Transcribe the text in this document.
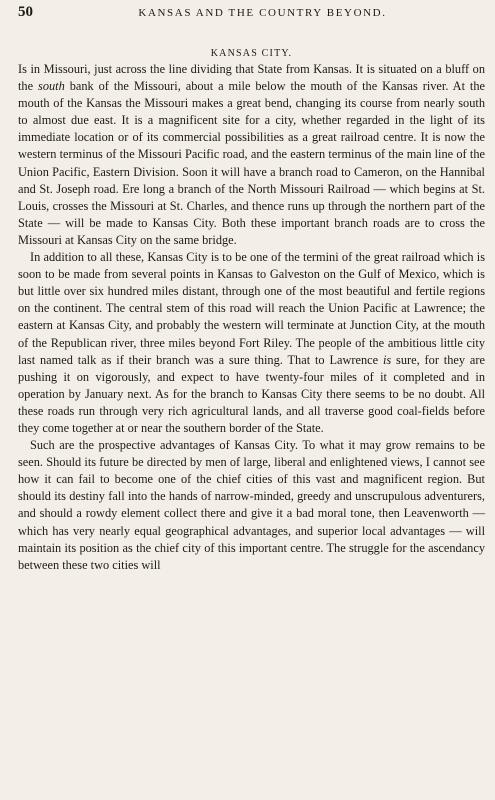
50	KANSAS AND THE COUNTRY BEYOND.
KANSAS CITY.

Is in Missouri, just across the line dividing that State from Kansas. It is situated on a bluff on the south bank of the Missouri, about a mile below the mouth of the Kansas river. At the mouth of the Kansas the Missouri makes a great bend, changing its course from nearly south to almost due east. It is a magnificent site for a city, whether regarded in the light of its immediate location or of its commercial possibilities as a great railroad centre. It is now the western terminus of the Missouri Pacific road, and the eastern terminus of the main line of the Union Pacific, Eastern Division. Soon it will have a branch road to Cameron, on the Hannibal and St. Joseph road. Ere long a branch of the North Missouri Railroad — which begins at St. Louis, crosses the Missouri at St. Charles, and thence runs up through the northern part of the State — will be made to Kansas City. Both these important branch roads are to cross the Missouri at Kansas City on the same bridge.

In addition to all these, Kansas City is to be one of the termini of the great railroad which is soon to be made from several points in Kansas to Galveston on the Gulf of Mexico, which is but little over six hundred miles distant, through one of the most beautiful and fertile regions on the continent. The central stem of this road will reach the Union Pacific at Lawrence; the eastern at Kansas City, and probably the western will terminate at Junction City, at the mouth of the Republican river, three miles beyond Fort Riley. The people of the ambitious little city last named talk as if their branch was a sure thing. That to Lawrence is sure, for they are pushing it on vigorously, and expect to have twenty-four miles of it completed and in operation by January next. As for the branch to Kansas City there seems to be no doubt. All these roads run through very rich agricultural lands, and all traverse good coal-fields before they come together at or near the southern border of the State.

Such are the prospective advantages of Kansas City. To what it may grow remains to be seen. Should its future be directed by men of large, liberal and enlightened views, I cannot see how it can fail to become one of the chief cities of this vast and magnificent region. But should its destiny fall into the hands of narrow-minded, greedy and unscrupulous adventurers, and should a rowdy element collect there and give it a bad moral tone, then Leavenworth — which has very nearly equal geographical advantages, and superior local advantages — will maintain its position as the chief city of this important centre. The struggle for the ascendancy between these two cities will
